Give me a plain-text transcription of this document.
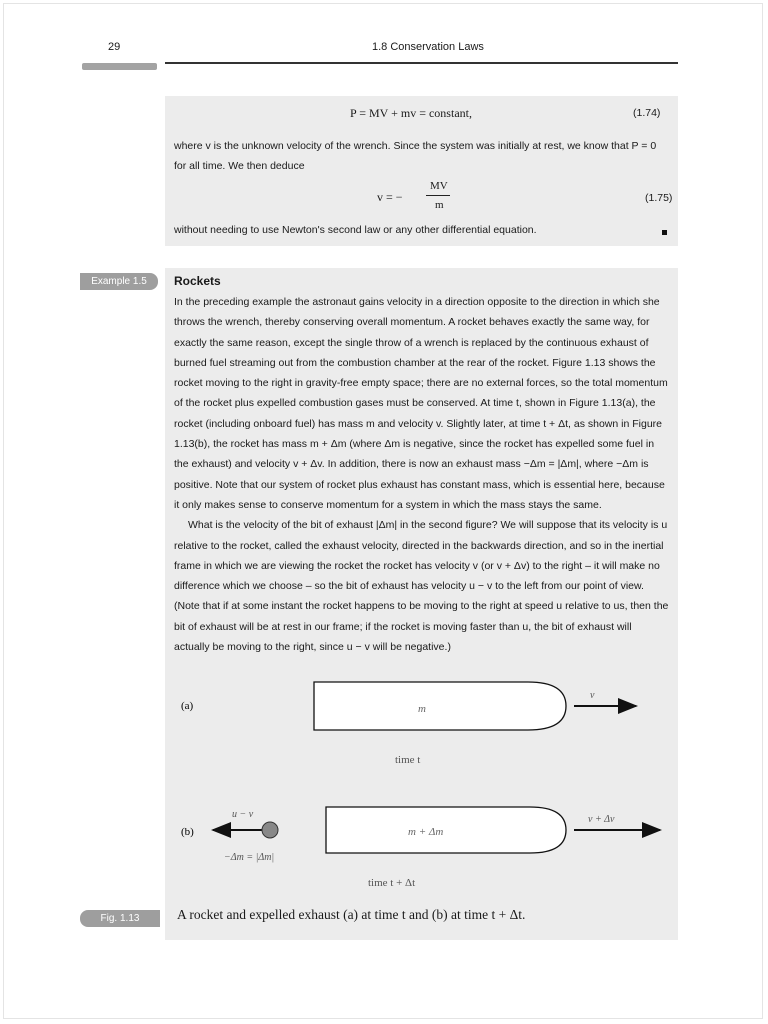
29	1.8 Conservation Laws
P = MV + mv = constant,	(1.74)

where v is the unknown velocity of the wrench. Since the system was initially at rest, we know that P = 0 for all time. We then deduce

v = −
MV
m
(1.75)

without needing to use Newton's second law or any other differential equation.

Example 1.5	Rockets

In the preceding example the astronaut gains velocity in a direction opposite to the direction in which she throws the wrench, thereby conserving overall momentum. A rocket behaves exactly the same way, for exactly the same reason, except the single throw of a wrench is replaced by the continuous exhaust of burned fuel streaming out from the combustion chamber at the rear of the rocket. Figure 1.13 shows the rocket moving to the right in gravity-free empty space; there are no external forces, so the total momentum of the rocket plus expelled combustion gases must be conserved. At time t, shown in Figure 1.13(a), the rocket (including onboard fuel) has mass m and velocity v. Slightly later, at time t + Δt, as shown in Figure 1.13(b), the rocket has mass m + Δm (where Δm is negative, since the rocket has expelled some fuel in the exhaust) and velocity v + Δv. In addition, there is now an exhaust mass −Δm = |Δm|, where −Δm is positive. Note that our system of rocket plus exhaust has constant mass, which is essential here, because it only makes sense to conserve momentum for a system in which the mass stays the same.

What is the velocity of the bit of exhaust |Δm| in the second figure? We will suppose that its velocity is u relative to the rocket, called the exhaust velocity, directed in the backwards direction, and so in the inertial frame in which we are viewing the rocket the rocket has velocity v (or v + Δv) to the right – it will make no difference which we choose – so the bit of exhaust has velocity u − v to the left from our point of view. (Note that if at some instant the rocket happens to be moving to the right at speed u relative to us, then the bit of exhaust will be at rest in our frame; if the rocket is moving faster than u, the bit of exhaust will actually be moving to the right, since u − v will be negative.)

(a)	m
v
time t
(b)
u − v
−Δm = |Δm|
m + Δm
v + Δv
time t + Δt
Fig. 1.13	A rocket and expelled exhaust (a) at time t and (b) at time t + Δt.
